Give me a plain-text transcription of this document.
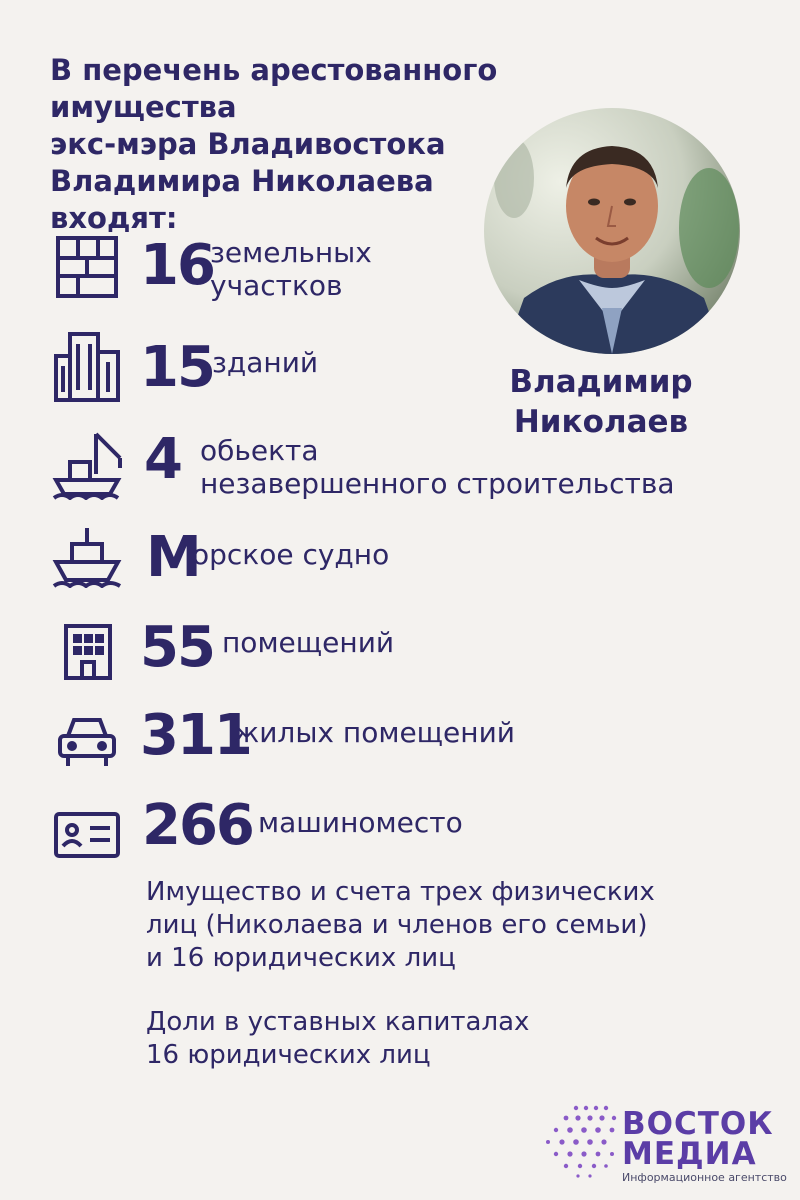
В перечень арестованного имущества
экс-мэра Владивостока
Владимира Николаева
входят:
Владимир
Николаев
16
земельных
участков
15
зданий
4 обьекта
незавершенного строительства
М
орское судно
55 помещений
311
жилых помещений
266 машиноместо
Имущество и счета трех физических
лиц (Николаева и членов его семьи)
и 16 юридических лиц
Доли в уставных капиталах
16 юридических лиц
ВОСТОК
МЕДИА
Информационное агентство
